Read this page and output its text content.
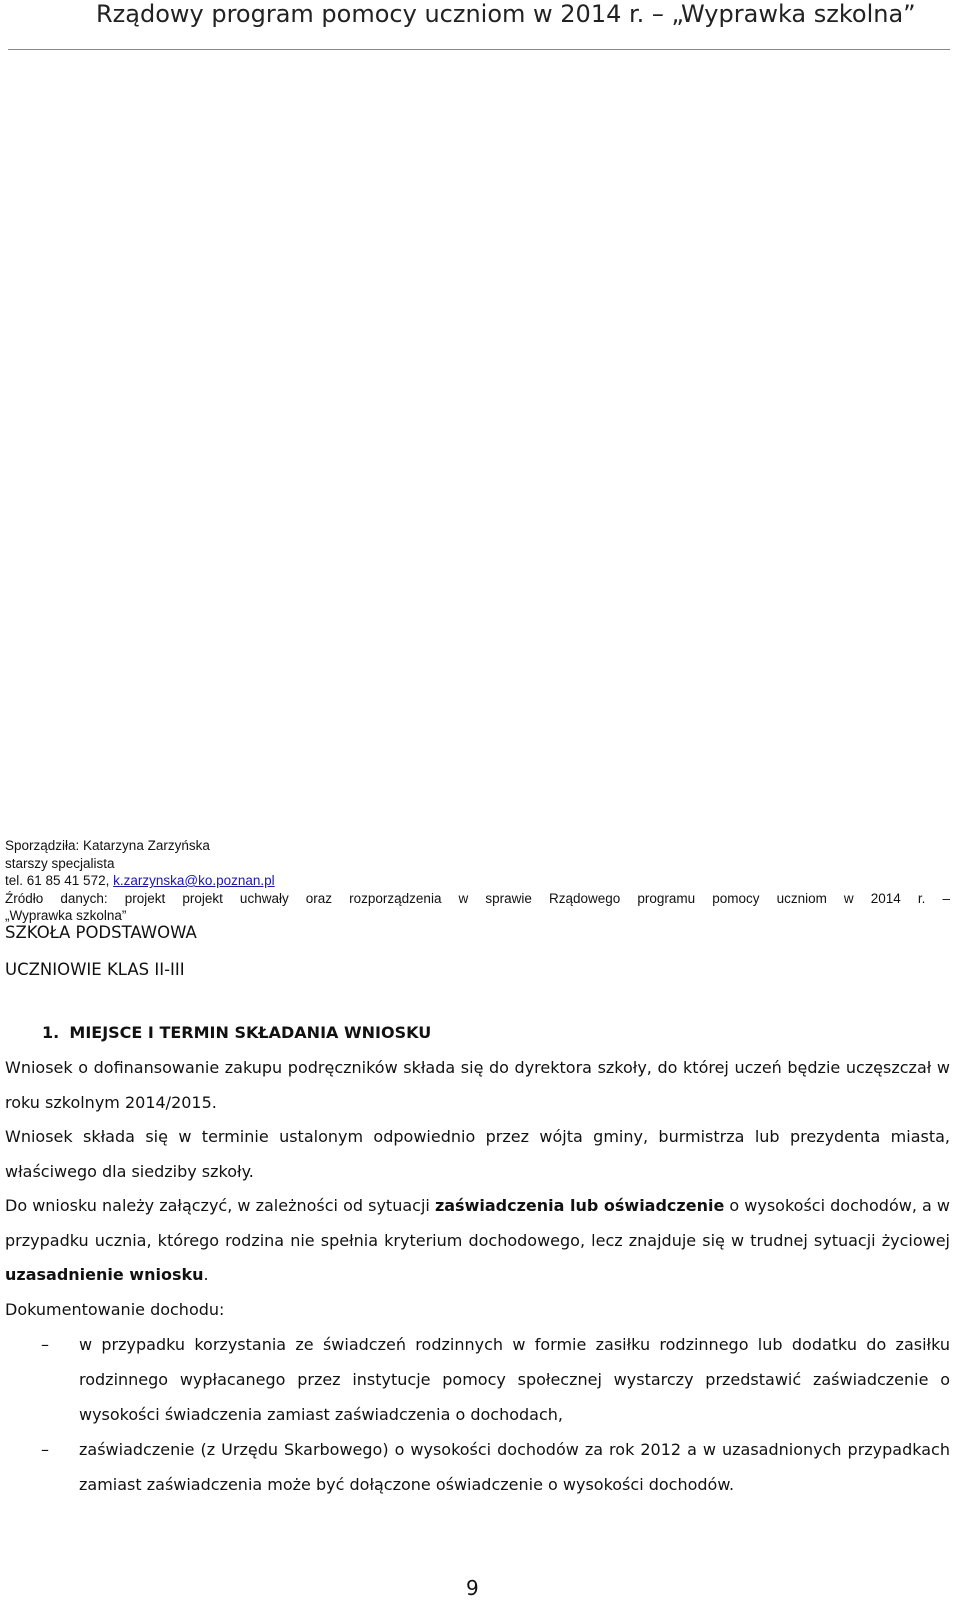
Rządowy program pomocy uczniom w 2014 r. – „Wyprawka szkolna”
Sporządziła: Katarzyna Zarzyńska
starszy specjalista
tel. 61 85 41 572, k.zarzynska@ko.poznan.pl
Źródło danych: projekt projekt uchwały oraz rozporządzenia w sprawie Rządowego programu pomocy uczniom w 2014 r. –
„Wyprawka szkolna”
SZKOŁA PODSTAWOWA
UCZNIOWIE KLAS II-III
1. MIEJSCE I TERMIN SKŁADANIA WNIOSKU

Wniosek o dofinansowanie zakupu podręczników składa się do dyrektora szkoły, do której uczeń będzie uczęszczał w roku szkolnym 2014/2015.

Wniosek składa się w terminie ustalonym odpowiednio przez wójta gminy, burmistrza lub prezydenta miasta, właściwego dla siedziby szkoły.

Do wniosku należy załączyć, w zależności od sytuacji zaświadczenia lub oświadczenie o wysokości dochodów, a w przypadku ucznia, którego rodzina nie spełnia kryterium dochodowego, lecz znajduje się w trudnej sytuacji życiowej uzasadnienie wniosku.

Dokumentowanie dochodu:

– w przypadku korzystania ze świadczeń rodzinnych w formie zasiłku rodzinnego lub dodatku do zasiłku rodzinnego wypłacanego przez instytucje pomocy społecznej wystarczy przedstawić zaświadczenie o wysokości świadczenia zamiast zaświadczenia o dochodach,
– zaświadczenie (z Urzędu Skarbowego) o wysokości dochodów za rok 2012 a w uzasadnionych przypadkach zamiast zaświadczenia może być dołączone oświadczenie o wysokości dochodów.
9
